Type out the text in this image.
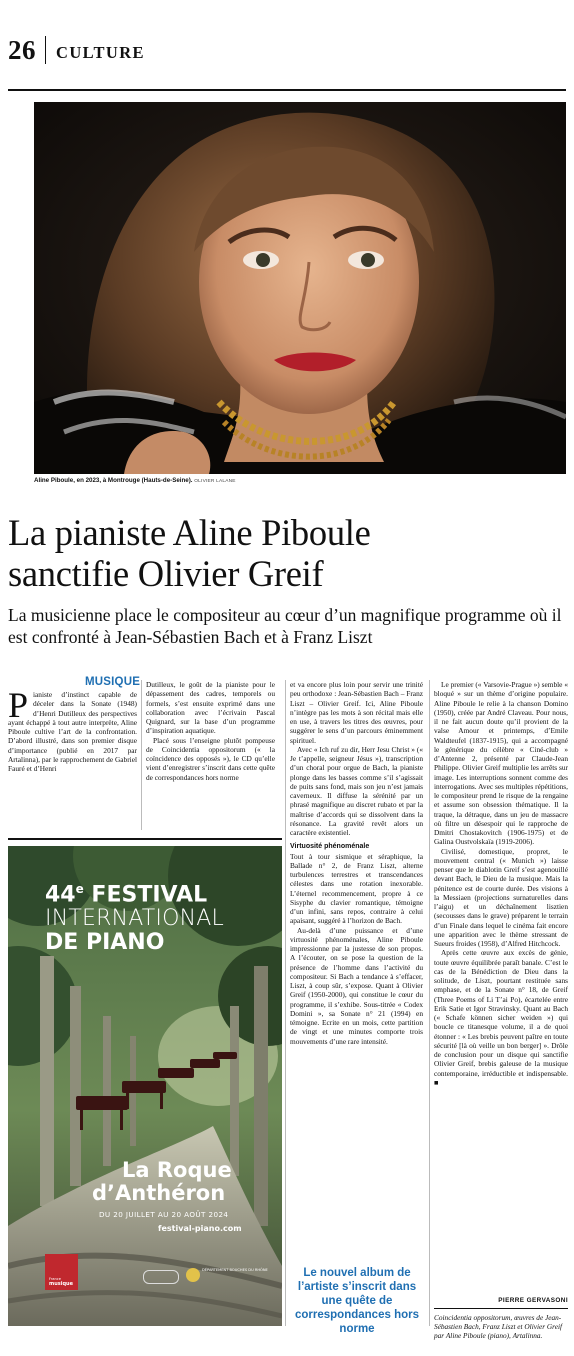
26 CULTURE
Aline Piboule, en 2023, à Montrouge (Hauts-de-Seine). OLIVIER LALANE
La pianiste Aline Piboule
sanctifie Olivier Greif
La musicienne place le compositeur au cœur d’un magnifique programme où il est confronté à Jean-Sébastien Bach et à Franz Liszt
MUSIQUE

ianiste d’instinct capable de déceler dans la Sonate (1948) d’Henri Dutilleux des perspectives ayant échappé à tout autre interprète, Aline Piboule cultive l’art de la confrontation. D’abord illustré, dans son premier disque d’importance (publié en 2017 par Artalinna), par le rapprochement de Gabriel Fauré et d’Henri

P

Dutilleux, le goût de la pianiste pour le dépassement des cadres, temporels ou formels, s’est ensuite exprimé dans une collaboration avec l’écrivain Pascal Quignard, sur la base d’un programme d’inspiration aquatique.

Placé sous l’enseigne plutôt pompeuse de Coincidentia oppositorum (« la coïncidence des opposés »), le CD qu’elle vient d’enregistrer s’inscrit dans cette quête de correspondances hors norme

et va encore plus loin pour servir une trinité peu orthodoxe : Jean-Sébastien Bach – Franz Liszt – Olivier Greif. Ici, Aline Piboule n’intègre pas les mots à son récital mais elle en use, à travers les titres des œuvres, pour suggérer le sens d’un parcours éminemment spirituel.

Avec « Ich ruf zu dir, Herr Jesu Christ » (« Je t’appelle, seigneur Jésus »), transcription d’un choral pour orgue de Bach, la pianiste plonge dans les basses comme s’il s’agissait de puits sans fond, mais son jeu n’est jamais caverneux. Il diffuse la sérénité par un phrasé magnifique au discret rubato et par la maîtrise d’accords qui se dissolvent dans la résonance. La gravité revêt alors un caractère existentiel.

Virtuosité phénoménale

Tout à tour sismique et séraphique, la Ballade n° 2, de Franz Liszt, alterne turbulences terrestres et transcendances célestes dans une rotation inexorable. L’éternel recommencement, propre à ce Sisyphe du clavier romantique, témoigne d’un infini, sans repos, contraire à celui apaisant, suggéré à l’horizon de Bach.

Au-delà d’une puissance et d’une virtuosité phénoménales, Aline Piboule impressionne par la justesse de son propos. A l’écouter, on se pose la question de la présence de l’homme dans l’activité du compositeur. Si Bach a tendance à s’effacer, Liszt, à coup sûr, s’expose. Quant à Olivier Greif (1950-2000), qui constitue le cœur du programme, il s’exhibe. Sous-titrée « Codex Domini », sa Sonate n° 21 (1994) en témoigne. Ecrite en un mois, cette partition de vingt et une minutes comporte trois mouvements d’une rare intensité.

Le premier (« Varsovie-Prague ») semble « bloqué » sur un thème d’origine populaire. Aline Piboule le relie à la chanson Domino (1950), créée par André Claveau. Pour nous, il ne fait aucun doute qu’il provient de la valse Amour et printemps, d’Emile Waldteufel (1837-1915), qui a accompagné le générique du célèbre « Ciné-club » d’Antenne 2, présenté par Claude-Jean Philippe. Olivier Greif multiplie les arrêts sur image. Les interruptions sonnent comme des interrogations. Avec ses multiples répétitions, le compositeur prend le risque de la rengaine et assume son obsession thématique. Il la traque, la détraque, dans un jeu de massacre où filtre un désespoir qui le rapproche de Dmitri Chostakovitch (1906-1975) et de Galina Oustvolskaïa (1919-2006).

Civilisé, domestique, propret, le mouvement central (« Munich ») laisse penser que le diablotin Greif s’est agenouillé devant Bach, le Dieu de la musique. Mais la pénitence est de courte durée. Des visions à la Messiaen (projections surnaturelles dans l’aigu) et un déchaînement lisztien (secousses dans le grave) préparent le terrain d’un Finale dans lequel le cinéma fait encore une apparition avec le thème stressant de Sueurs froides (1958), d’Alfred Hitchcock.

Après cette œuvre aux excès de génie, toute œuvre équilibrée paraît banale. C’est le cas de la Bénédiction de Dieu dans la solitude, de Liszt, pourtant restituée sans emphase, et de la Sonate n° 18, de Greif (Three Poems of Li T’ai Po), écartelée entre Erik Satie et Igor Stravinsky. Quant au Bach (« Schafe können sicher weiden ») qui boucle ce titanesque volume, il a de quoi étonner : « Les brebis peuvent paître en toute sécurité [là où veille un bon berger] ». Drôle de conclusion pour un disque qui sanctifie Olivier Greif, brebis galeuse de la musique contemporaine, irréductible et indispensable. ■

Le nouvel album de l’artiste s’inscrit dans une quête de correspondances hors norme
PIERRE GERVASONI
Coincidentia oppositorum, œuvres de Jean-Sébastien Bach, Franz Liszt et Olivier Greif par Aline Piboule (piano), Artalinna.
44e FESTIVAL
INTERNATIONAL
DE PIANO
La Roque
d’Anthéron
DU 20 JUILLET AU 20 AOÛT 2024
festival-piano.com
France
musique
DÉPARTEMENT BOUCHES DU RHÔNE
